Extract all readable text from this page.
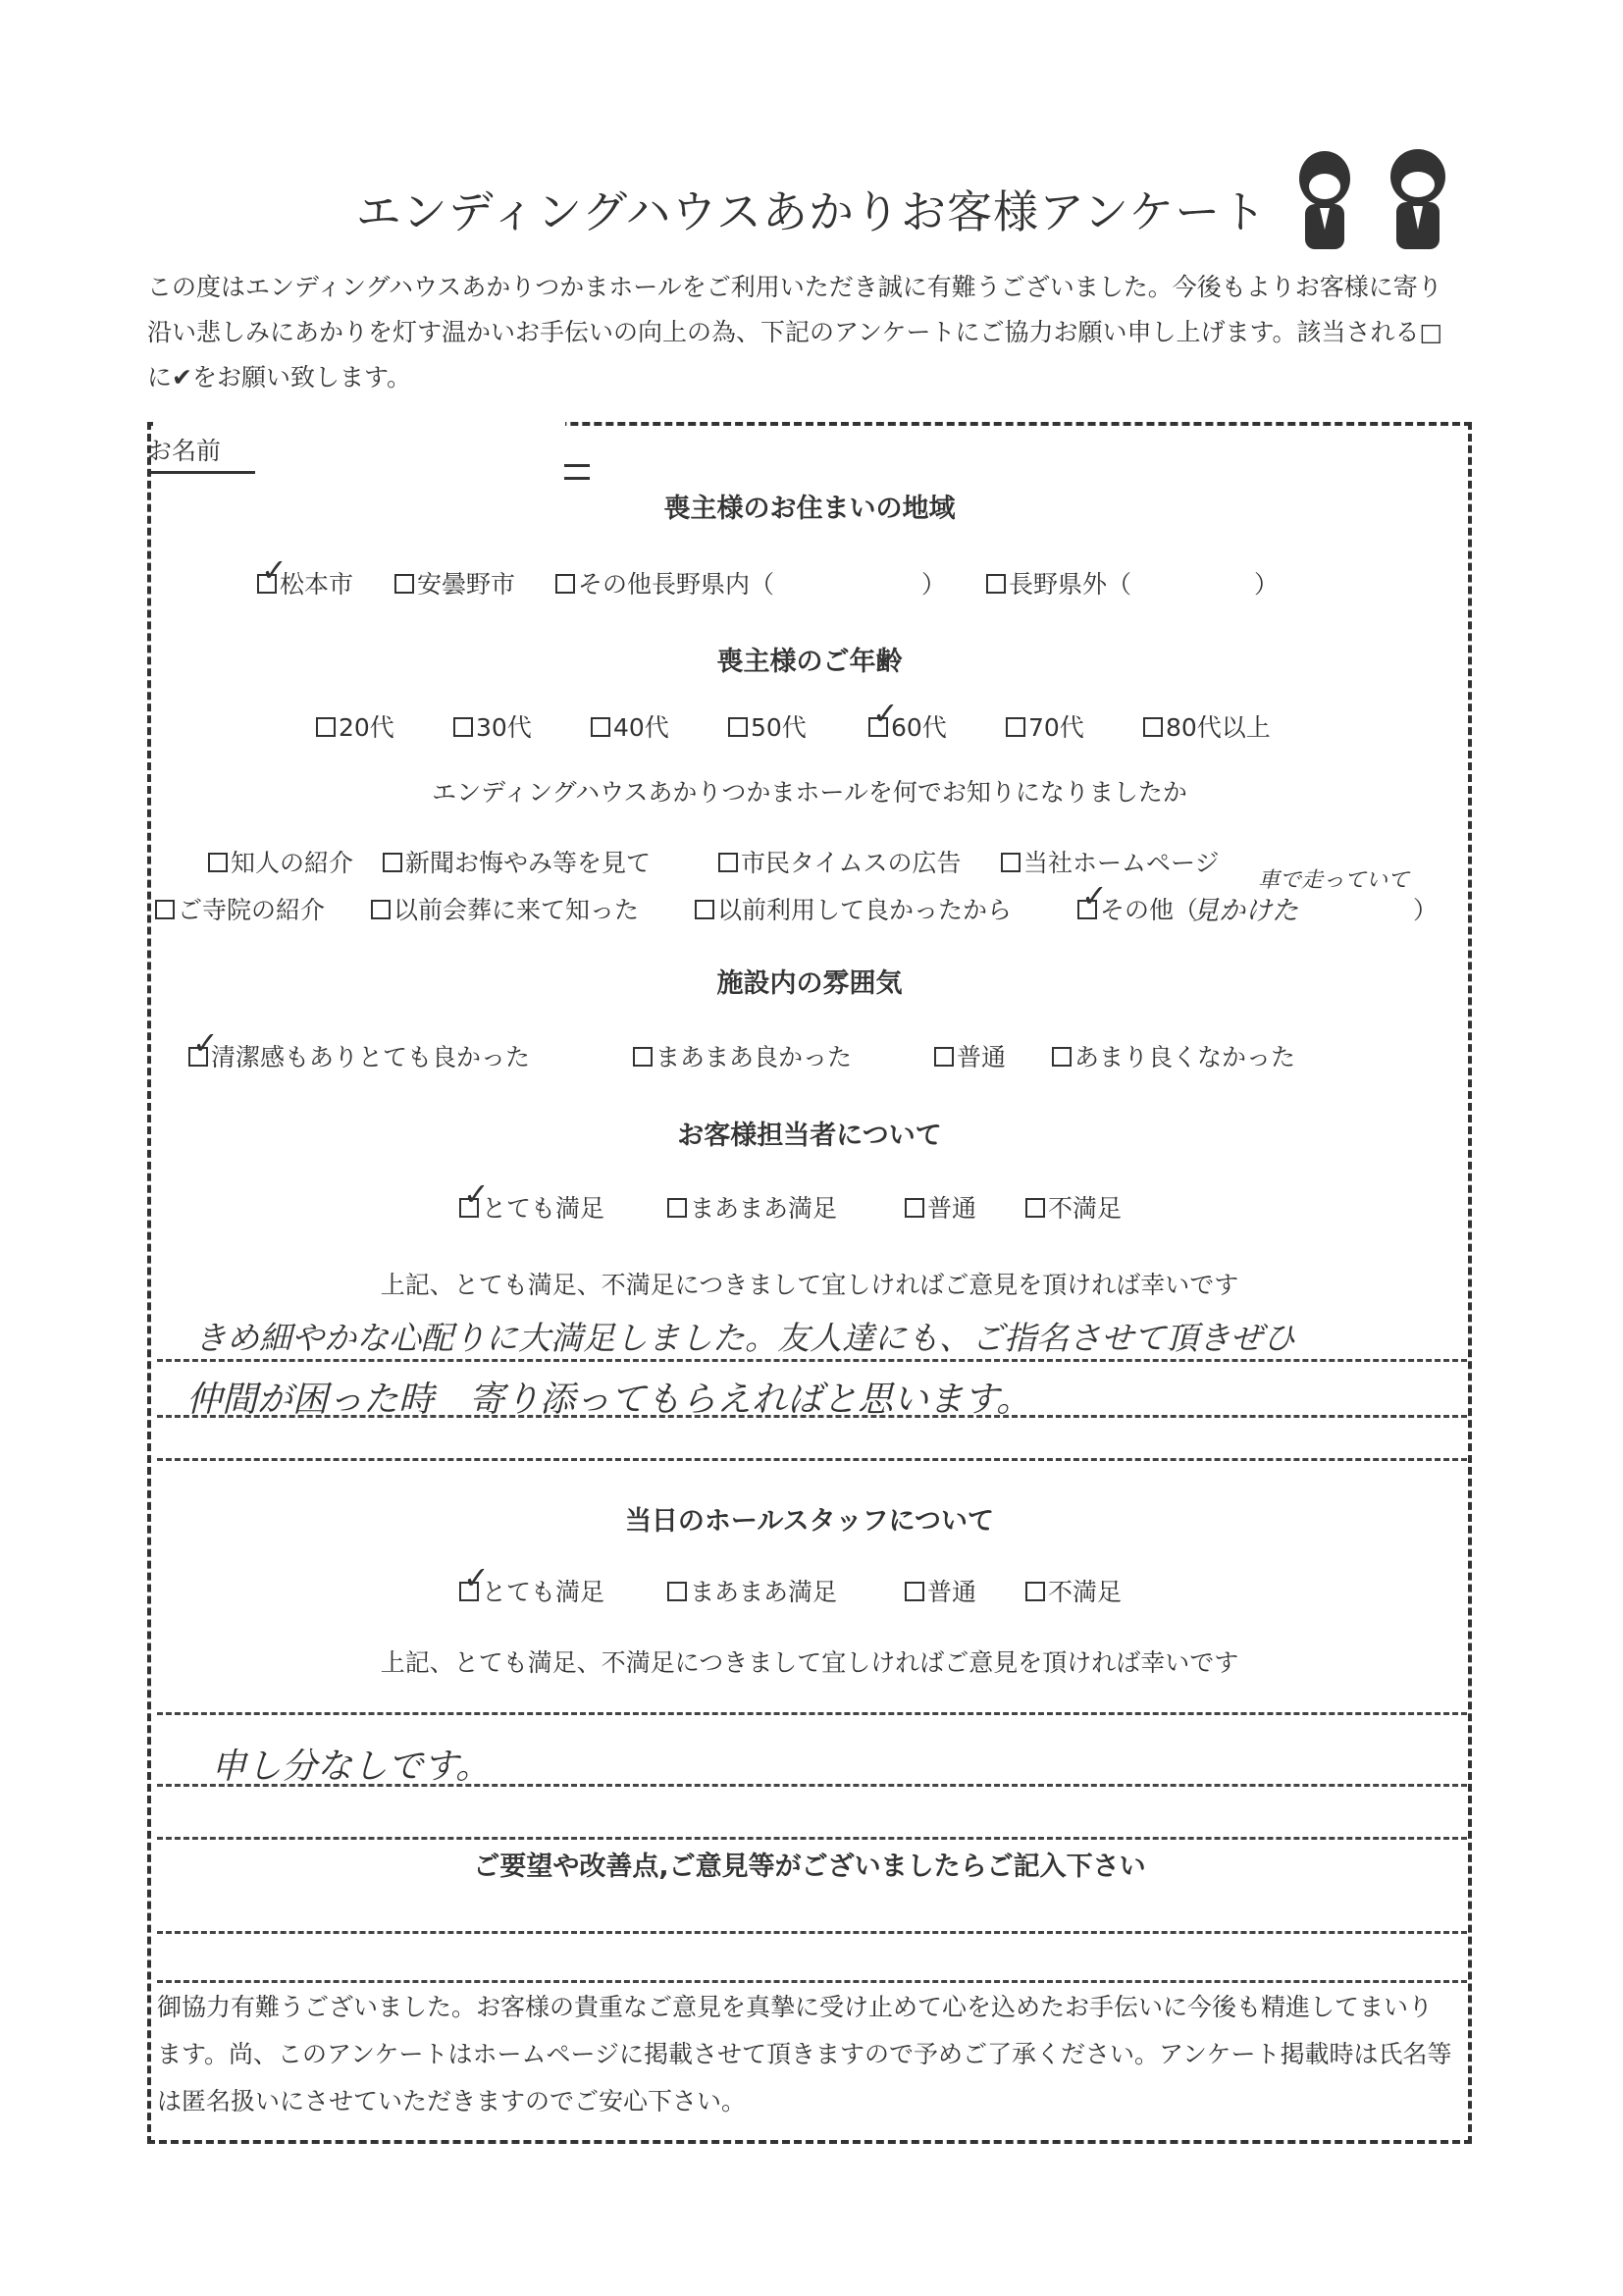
エンディングハウスあかりお客様アンケート
この度はエンディングハウスあかりつかまホールをご利用いただき誠に有難うございました。今後もよりお客様に寄り沿い悲しみにあかりを灯す温かいお手伝いの向上の為、下記のアンケートにご協力お願い申し上げます。該当される□に✔をお願い致します。
お名前
喪主様のお住まいの地域
✓松本市	安曇野市	その他長野県内（　　　　　　）	長野県外（　　　　　）
喪主様のご年齢
20代	30代	40代	50代 ✓	60代	70代	80代以上
エンディングハウスあかりつかまホールを何でお知りになりましたか
知人の紹介	新聞お悔やみ等を見て	市民タイムスの広告	当社ホームページ
ご寺院の紹介	以前会葬に来て知った	以前利用して良かったから ✓	その他（
車で走っていて
見かけた	）
施設内の雰囲気
✓清潔感もありとても良かった	まあまあ良かった	普通	あまり良くなかった
お客様担当者について
✓とても満足	まあまあ満足	普通	不満足
上記、とても満足、不満足につきまして宜しければご意見を頂ければ幸いです
きめ細やかな心配りに大満足しました。友人達にも、ご指名させて頂きぜひ
仲間が困った時　寄り添ってもらえればと思います。
当日のホールスタッフについて
✓とても満足	まあまあ満足	普通	不満足
上記、とても満足、不満足につきまして宜しければご意見を頂ければ幸いです
申し分なしです。
ご要望や改善点,ご意見等がございましたらご記入下さい
御協力有難うございました。お客様の貴重なご意見を真摯に受け止めて心を込めたお手伝いに今後も精進してまいります。尚、このアンケートはホームページに掲載させて頂きますので予めご了承ください。アンケート掲載時は氏名等は匿名扱いにさせていただきますのでご安心下さい。
